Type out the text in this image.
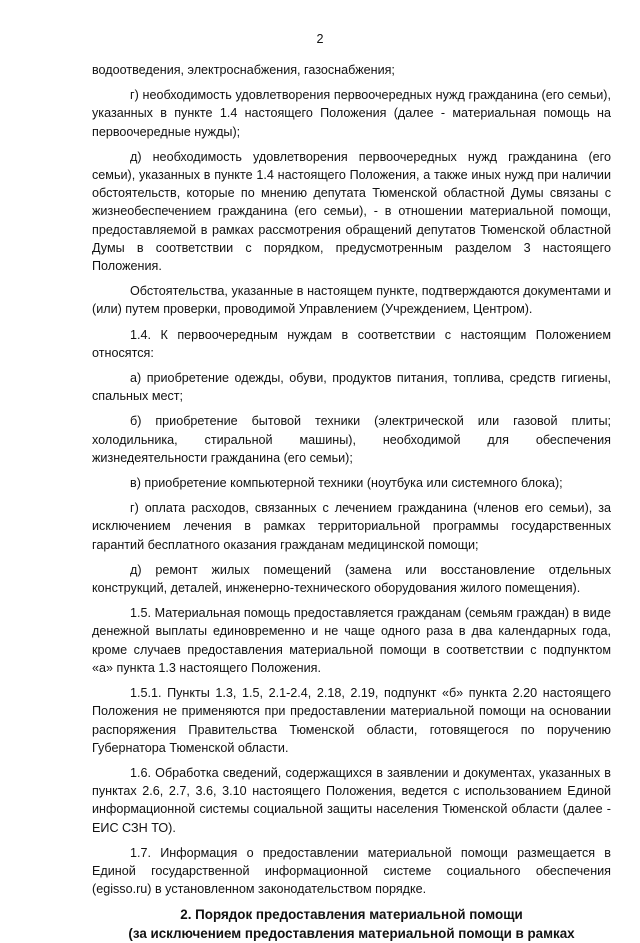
2

водоотведения, электроснабжения, газоснабжения;

г) необходимость удовлетворения первоочередных нужд гражданина (его семьи), указанных в пункте 1.4 настоящего Положения (далее - материальная помощь на первоочередные нужды);

д) необходимость удовлетворения первоочередных нужд гражданина (его семьи), указанных в пункте 1.4 настоящего Положения, а также иных нужд при наличии обстоятельств, которые по мнению депутата Тюменской областной Думы связаны с жизнеобеспечением гражданина (его семьи), - в отношении материальной помощи, предоставляемой в рамках рассмотрения обращений депутатов Тюменской областной Думы в соответствии с порядком, предусмотренным разделом 3 настоящего Положения.

Обстоятельства, указанные в настоящем пункте, подтверждаются документами и (или) путем проверки, проводимой Управлением (Учреждением, Центром).

1.4. К первоочередным нуждам в соответствии с настоящим Положением относятся:

а) приобретение одежды, обуви, продуктов питания, топлива, средств гигиены, спальных мест;

б) приобретение бытовой техники (электрической или газовой плиты; холодильника, стиральной машины), необходимой для обеспечения жизнедеятельности гражданина (его семьи);

в) приобретение компьютерной техники (ноутбука или системного блока);

г) оплата расходов, связанных с лечением гражданина (членов его семьи), за исключением лечения в рамках территориальной программы государственных гарантий бесплатного оказания гражданам медицинской помощи;

д) ремонт жилых помещений (замена или восстановление отдельных конструкций, деталей, инженерно-технического оборудования жилого помещения).

1.5. Материальная помощь предоставляется гражданам (семьям граждан) в виде денежной выплаты единовременно и не чаще одного раза в два календарных года, кроме случаев предоставления материальной помощи в соответствии с подпунктом «а» пункта 1.3 настоящего Положения.

1.5.1. Пункты 1.3, 1.5, 2.1-2.4, 2.18, 2.19, подпункт «б» пункта 2.20 настоящего Положения не применяются при предоставлении материальной помощи на основании распоряжения Правительства Тюменской области, готовящегося по поручению Губернатора Тюменской области.

1.6. Обработка сведений, содержащихся в заявлении и документах, указанных в пунктах 2.6, 2.7, 3.6, 3.10 настоящего Положения, ведется с использованием Единой информационной системы социальной защиты населения Тюменской области (далее - ЕИС СЗН ТО).

1.7. Информация о предоставлении материальной помощи размещается в Единой государственной информационной системе социального обеспечения (egisso.ru) в установленном законодательством порядке.

2. Порядок предоставления материальной помощи
(за исключением предоставления материальной помощи в рамках
